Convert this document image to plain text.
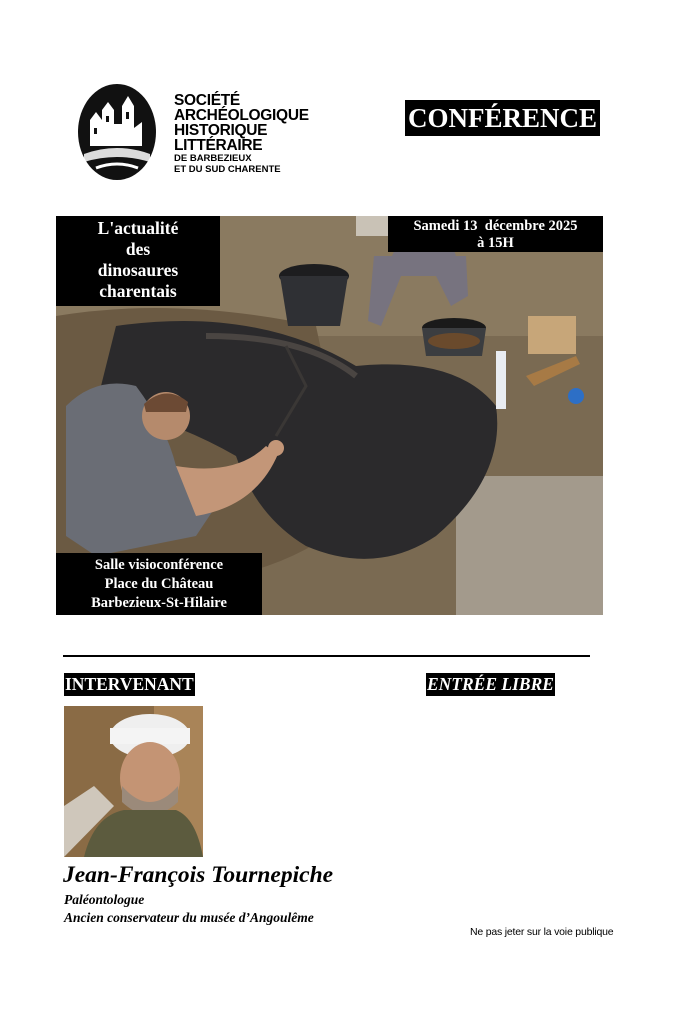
SOCIÉTÉ
ARCHÉOLOGIQUE
HISTORIQUE
LITTÉRAIRE
DE BARBEZIEUX
ET DU SUD CHARENTE
CONFÉRENCE
L'actualité
des
dinosaures
charentais
Samedi 13  décembre 2025
à 15H
Salle visioconférence
Place du Château
Barbezieux-St-Hilaire
INTERVENANT	ENTRÉE LIBRE
Jean-François Tournepiche
Paléontologue
Ancien conservateur du musée d’Angoulême
Ne pas jeter sur la voie publique
